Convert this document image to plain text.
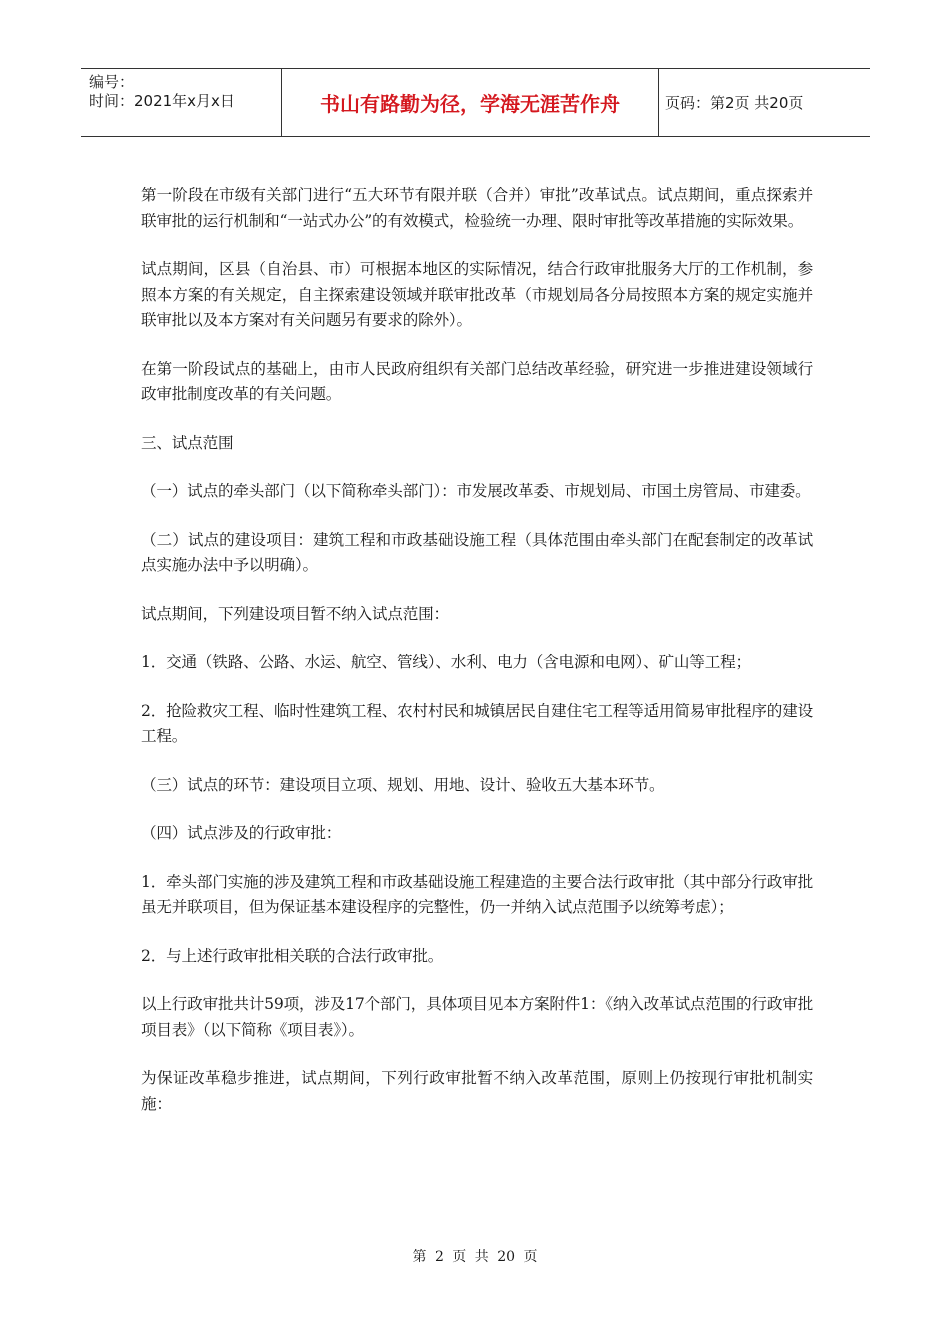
编号：
时间：2021年x月x日	书山有路勤为径，学海无涯苦作舟	页码：第2页 共20页

第一阶段在市级有关部门进行“五大环节有限并联（合并）审批”改革试点。试点期间，重点探索并联审批的运行机制和“一站式办公”的有效模式，检验统一办理、限时审批等改革措施的实际效果。

试点期间，区县（自治县、市）可根据本地区的实际情况，结合行政审批服务大厅的工作机制，参照本方案的有关规定，自主探索建设领域并联审批改革（市规划局各分局按照本方案的规定实施并联审批以及本方案对有关问题另有要求的除外）。

在第一阶段试点的基础上，由市人民政府组织有关部门总结改革经验，研究进一步推进建设领域行政审批制度改革的有关问题。

三、试点范围

（一）试点的牵头部门（以下简称牵头部门）：市发展改革委、市规划局、市国土房管局、市建委。

（二）试点的建设项目：建筑工程和市政基础设施工程（具体范围由牵头部门在配套制定的改革试点实施办法中予以明确）。

试点期间，下列建设项目暂不纳入试点范围：

1．交通（铁路、公路、水运、航空、管线）、水利、电力（含电源和电网）、矿山等工程；

2．抢险救灾工程、临时性建筑工程、农村村民和城镇居民自建住宅工程等适用简易审批程序的建设工程。

（三）试点的环节：建设项目立项、规划、用地、设计、验收五大基本环节。

（四）试点涉及的行政审批：

1．牵头部门实施的涉及建筑工程和市政基础设施工程建造的主要合法行政审批（其中部分行政审批虽无并联项目，但为保证基本建设程序的完整性，仍一并纳入试点范围予以统筹考虑）；

2．与上述行政审批相关联的合法行政审批。

以上行政审批共计59项，涉及17个部门，具体项目见本方案附件1：《纳入改革试点范围的行政审批项目表》（以下简称《项目表》）。

为保证改革稳步推进，试点期间，下列行政审批暂不纳入改革范围，原则上仍按现行审批机制实施：

第 2 页 共 20 页
